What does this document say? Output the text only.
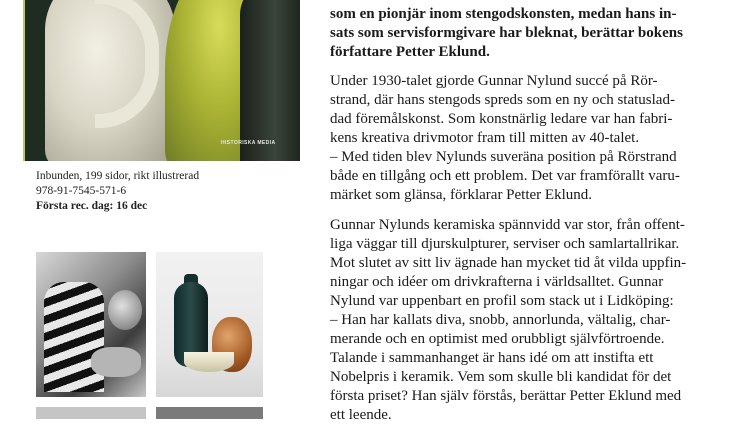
HISTORISKA MEDIA
Inbunden, 199 sidor, rikt illustrerad
978-91-7545-571-6
Första rec. dag: 16 dec
som en pionjär inom stengodskonsten, medan hans in-
sats som servisformgivare har bleknat, berättar bokens
författare Petter Eklund.
Under 1930-talet gjorde Gunnar Nylund succé på Rör-
strand, där hans stengods spreds som en ny och statuslad-
dad föremålskonst. Som konstnärlig ledare var han fabri-
kens kreativa drivmotor fram till mitten av 40-talet.
– Med tiden blev Nylunds suveräna position på Rörstrand
både en tillgång och ett problem. Det var framförallt varu-
märket som glänsa, förklarar Petter Eklund.
Gunnar Nylunds keramiska spännvidd var stor, från offent-
liga väggar till djurskulpturer, serviser och samlartallrikar.
Mot slutet av sitt liv ägnade han mycket tid åt vilda uppfin-
ningar och idéer om drivkrafterna i världsalltet. Gunnar
Nylund var uppenbart en profil som stack ut i Lidköping:
– Han har kallats diva, snobb, annorlunda, vältalig, char-
merande och en optimist med orubbligt självförtroende.
Talande i sammanhanget är hans idé om att instifta ett
Nobelpris i keramik. Vem som skulle bli kandidat för det
första priset? Han själv förstås, berättar Petter Eklund med
ett leende.
